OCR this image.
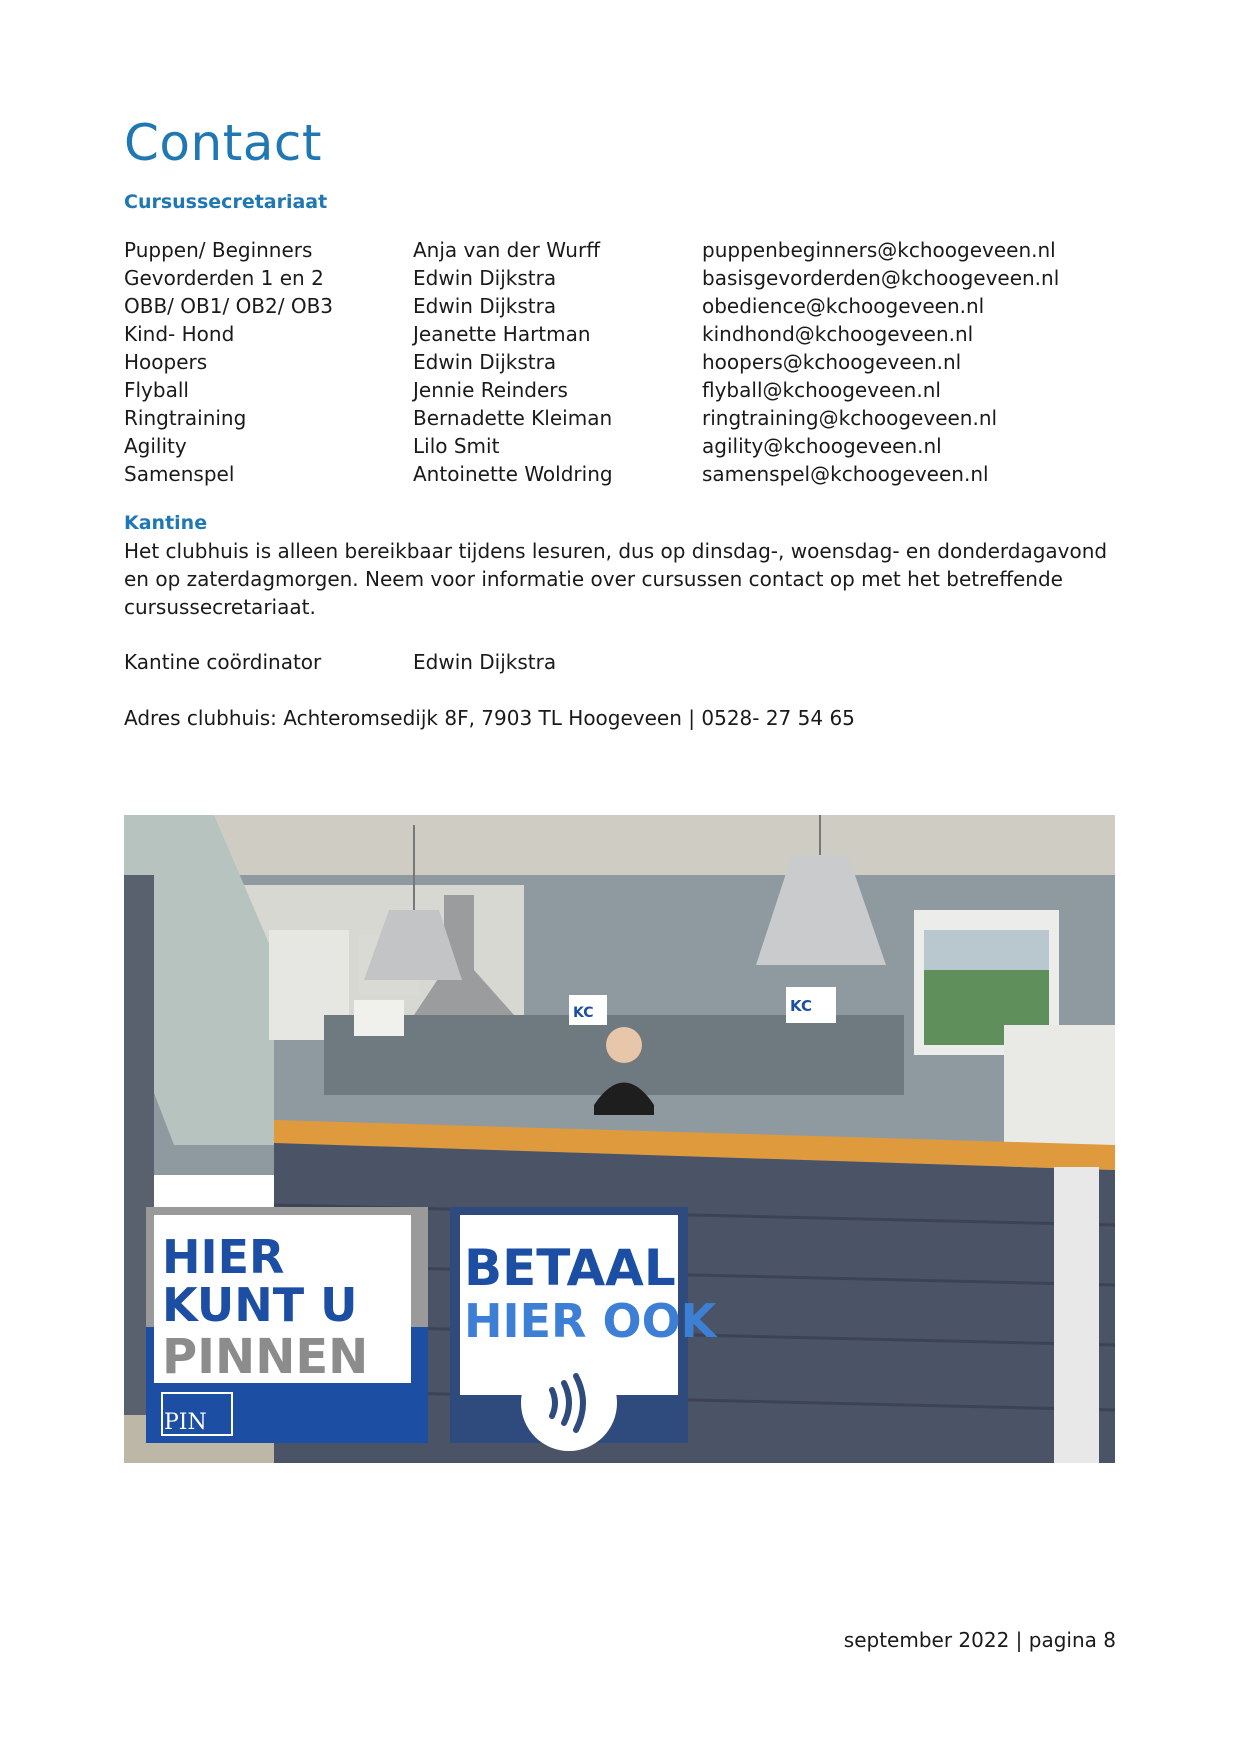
Contact
Cursussecretariaat
Puppen/ Beginners	Anja van der Wurff	puppenbeginners@kchoogeveen.nl
Gevorderden 1 en 2	Edwin Dijkstra	basisgevorderden@kchoogeveen.nl
OBB/ OB1/ OB2/ OB3	Edwin Dijkstra	obedience@kchoogeveen.nl
Kind- Hond	Jeanette Hartman	kindhond@kchoogeveen.nl
Hoopers	Edwin Dijkstra	hoopers@kchoogeveen.nl
Flyball	Jennie Reinders	flyball@kchoogeveen.nl
Ringtraining	Bernadette Kleiman	ringtraining@kchoogeveen.nl
Agility	Lilo Smit	agility@kchoogeveen.nl
Samenspel	Antoinette Woldring	samenspel@kchoogeveen.nl
Kantine
Het clubhuis is alleen bereikbaar tijdens lesuren, dus op dinsdag-, woensdag- en donderdagavond en op zaterdagmorgen. Neem voor informatie over cursussen contact op met het betreffende cursussecretariaat.
Kantine coördinator	Edwin Dijkstra
Adres clubhuis: Achteromsedijk 8F, 7903 TL Hoogeveen | 0528- 27 54 65
KC	KC
HIER
KUNT U
PINNEN
PIN
BETAAL
HIER OOK
september 2022 | pagina 8
